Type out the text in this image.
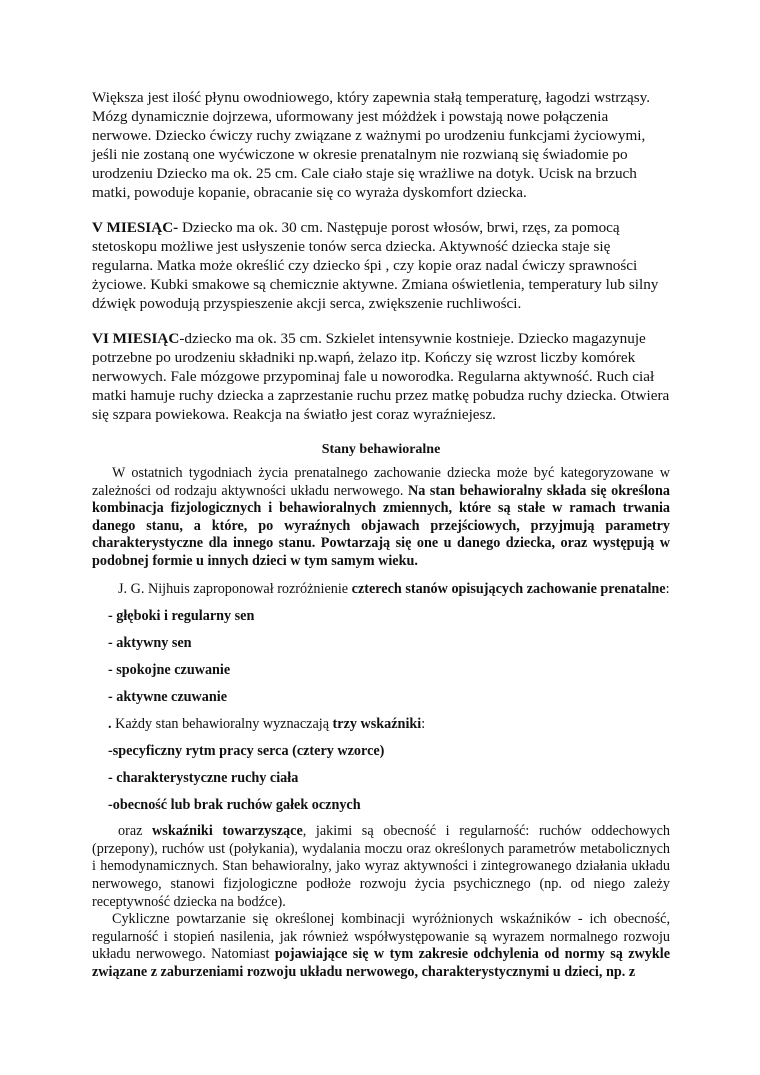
Większa jest ilość płynu owodniowego, który zapewnia stałą temperaturę, łagodzi wstrząsy. Mózg dynamicznie dojrzewa, uformowany jest móżdżek i powstają nowe połączenia nerwowe. Dziecko ćwiczy ruchy związane z ważnymi po urodzeniu funkcjami życiowymi, jeśli nie zostaną one wyćwiczone w okresie prenatalnym nie rozwianą się świadomie po urodzeniu Dziecko ma ok. 25 cm. Cale ciało staje się wrażliwe na dotyk. Ucisk na brzuch matki, powoduje kopanie, obracanie się co wyraża dyskomfort dziecka.

V MIESIĄC- Dziecko ma ok. 30 cm. Następuje porost włosów, brwi, rzęs, za pomocą stetoskopu możliwe jest usłyszenie tonów serca dziecka. Aktywność dziecka staje się regularna. Matka może określić czy dziecko śpi , czy kopie oraz nadal ćwiczy sprawności życiowe. Kubki smakowe są chemicznie aktywne. Zmiana oświetlenia, temperatury lub silny dźwięk powodują przyspieszenie akcji serca, zwiększenie ruchliwości.

VI MIESIĄC-dziecko ma ok. 35 cm. Szkielet intensywnie kostnieje. Dziecko magazynuje potrzebne po urodzeniu składniki np.wapń, żelazo itp. Kończy się wzrost liczby komórek nerwowych. Fale mózgowe przypominaj fale u noworodka. Regularna aktywność. Ruch ciał matki hamuje ruchy dziecka a zaprzestanie ruchu przez matkę pobudza ruchy dziecka. Otwiera się szpara powiekowa. Reakcja na światło jest coraz wyraźniejesz.

Stany behawioralne

W ostatnich tygodniach życia prenatalnego zachowanie dziecka może być kategoryzowane w zależności od rodzaju aktywności układu nerwowego. Na stan behawioralny składa się określona kombinacja fizjologicznych i behawioralnych zmiennych, które są stałe w ramach trwania danego stanu, a które, po wyraźnych objawach przejściowych, przyjmują parametry charakterystyczne dla innego stanu. Powtarzają się one u danego dziecka, oraz występują w podobnej formie u innych dzieci w tym samym wieku.

J. G. Nijhuis zaproponował rozróżnienie czterech stanów opisujących zachowanie prenatalne:

- głęboki i regularny sen

- aktywny sen

- spokojne czuwanie

- aktywne czuwanie

. Każdy stan behawioralny wyznaczają trzy wskaźniki:

-specyficzny rytm pracy serca (cztery wzorce)

- charakterystyczne ruchy ciała

-obecność lub brak ruchów gałek ocznych

oraz wskaźniki towarzyszące, jakimi są obecność i regularność: ruchów oddechowych (przepony), ruchów ust (połykania), wydalania moczu oraz określonych parametrów metabolicznych i hemodynamicznych. Stan behawioralny, jako wyraz aktywności i zintegrowanego działania układu nerwowego, stanowi fizjologiczne podłoże rozwoju życia psychicznego (np. od niego zależy receptywność dziecka na bodźce).

Cykliczne powtarzanie się określonej kombinacji wyróżnionych wskaźników - ich obecność, regularność i stopień nasilenia, jak również współwystępowanie są wyrazem normalnego rozwoju układu nerwowego. Natomiast pojawiające się w tym zakresie odchylenia od normy są zwykle związane z zaburzeniami rozwoju układu nerwowego, charakterystycznymi u dzieci, np. z
